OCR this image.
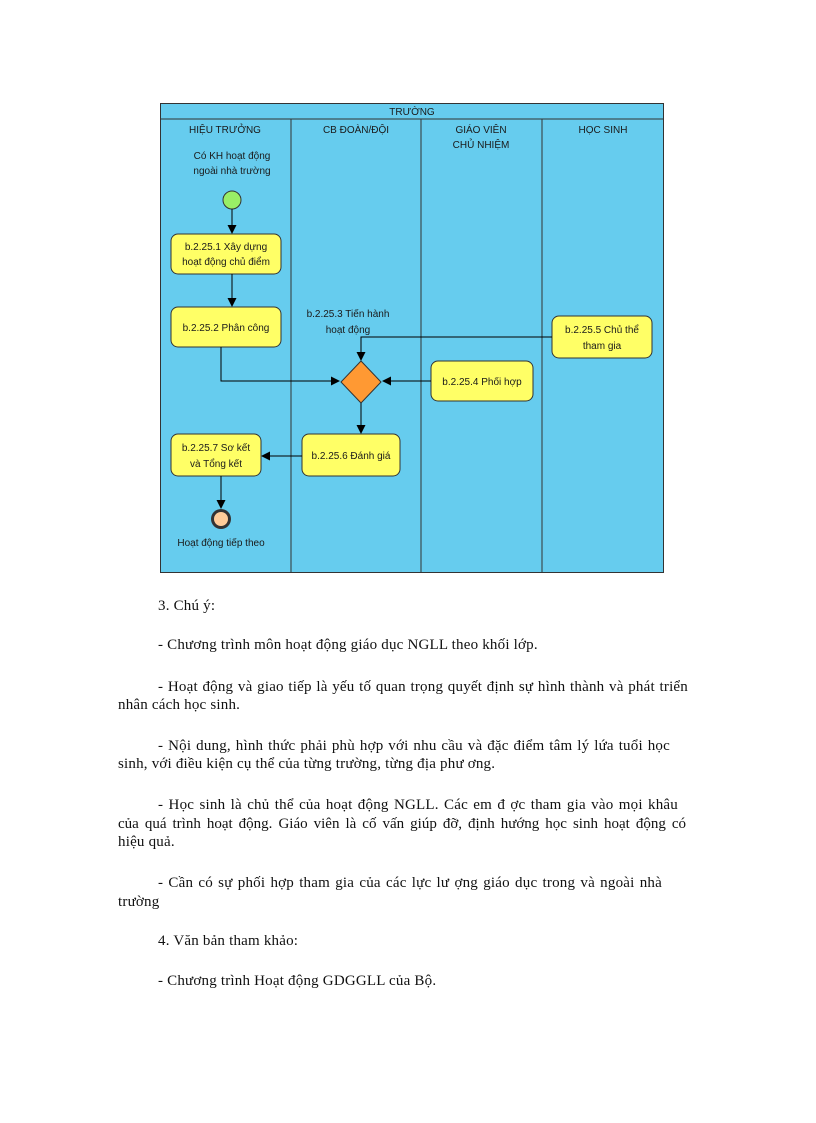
TRƯỜNG
HIỆU TRƯỞNG	CB ĐOÀN/ĐỘI	GIÁO VIÊN
CHỦ NHIỆM
HỌC SINH
Có KH hoạt động
ngoài nhà trường
b.2.25.1 Xây dựng
hoạt động chủ điểm
b.2.25.2 Phân công
b.2.25.3 Tiến hành
hoạt động	b.2.25.5 Chủ thể
tham gia
b.2.25.4 Phối hợp
b.2.25.6 Đánh giá
b.2.25.7 Sơ kết
và Tổng kết
Hoạt động tiếp theo
3. Chú ý:
- Chương trình môn hoạt động giáo dục NGLL theo khối lớp.
- Hoạt động và giao tiếp là yếu tố quan trọng quyết định sự hình thành và phát triển
nhân cách học sinh.
- Nội dung, hình thức phải phù hợp với nhu cầu và đặc điểm tâm lý lứa tuổi học
sinh, với điều kiện cụ thể của từng trường, từng địa phư ơng.
- Học sinh là chủ thể của hoạt động NGLL. Các em đ ợc tham gia vào mọi khâu
của quá trình hoạt động. Giáo viên là cố vấn giúp đỡ, định hướng học sinh hoạt động có
hiệu quả.
- Cần có sự phối hợp tham gia của các lực lư ợng giáo dục trong và ngoài nhà
trường
4. Văn bản tham khảo:
- Chương trình Hoạt động GDGGLL của Bộ.
